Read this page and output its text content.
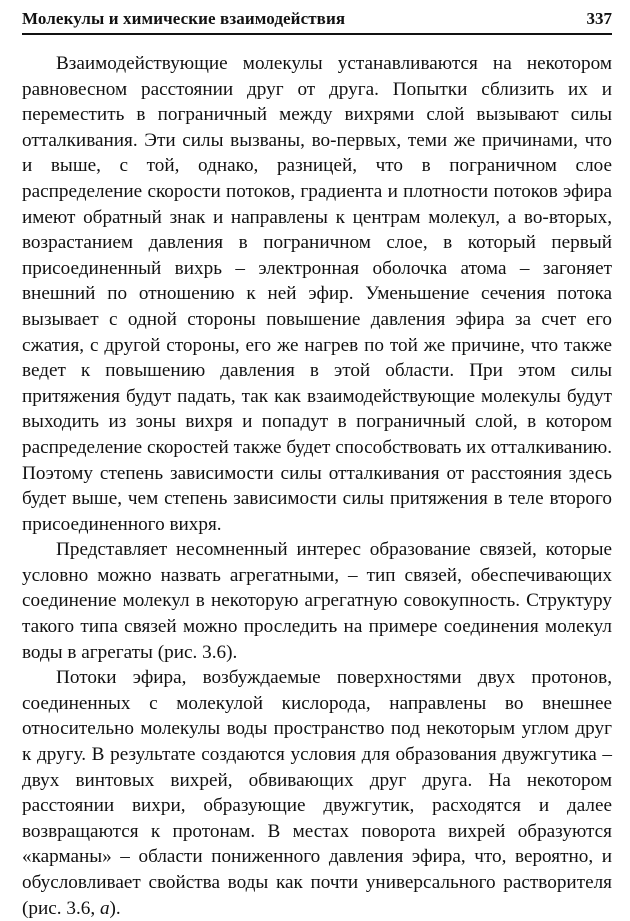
Молекулы и химические взаимодействия	337

Взаимодействующие молекулы устанавливаются на некотором равновесном расстоянии друг от друга. Попытки сблизить их и переместить в пограничный между вихрями слой вызывают силы отталкивания. Эти силы вызваны, во-первых, теми же причинами, что и выше, с той, однако, разницей, что в пограничном слое распределение скорости потоков, градиента и плотности потоков эфира имеют обратный знак и направлены к центрам молекул, а во-вторых, возрастанием давления в пограничном слое, в который первый присоединенный вихрь – электронная оболочка атома – загоняет внешний по отношению к ней эфир. Уменьшение сечения потока вызывает с одной стороны повышение давления эфира за счет его сжатия, с другой стороны, его же нагрев по той же причине, что также ведет к повышению давления в этой области. При этом силы притяжения будут падать, так как взаимодействующие молекулы будут выходить из зоны вихря и попадут в пограничный слой, в котором распределение скоростей также будет способствовать их отталкиванию. Поэтому степень зависимости силы отталкивания от расстояния здесь будет выше, чем степень зависимости силы притяжения в теле второго присоединенного вихря.

Представляет несомненный интерес образование связей, которые условно можно назвать агрегатными, – тип связей, обеспечивающих соединение молекул в некоторую агрегатную совокупность. Структуру такого типа связей можно проследить на примере соединения молекул воды в агрегаты (рис. 3.6).

Потоки эфира, возбуждаемые поверхностями двух протонов, соединенных с молекулой кислорода, направлены во внешнее относительно молекулы воды пространство под некоторым углом друг к другу. В результате создаются условия для образования двужгутика – двух винтовых вихрей, обвивающих друг друга. На некотором расстоянии вихри, образующие двужгутик, расходятся и далее возвращаются к протонам. В местах поворота вихрей образуются «карманы» – области пониженного давления эфира, что, вероятно, и обусловливает свойства воды как почти универсального растворителя (рис. 3.6, а).
